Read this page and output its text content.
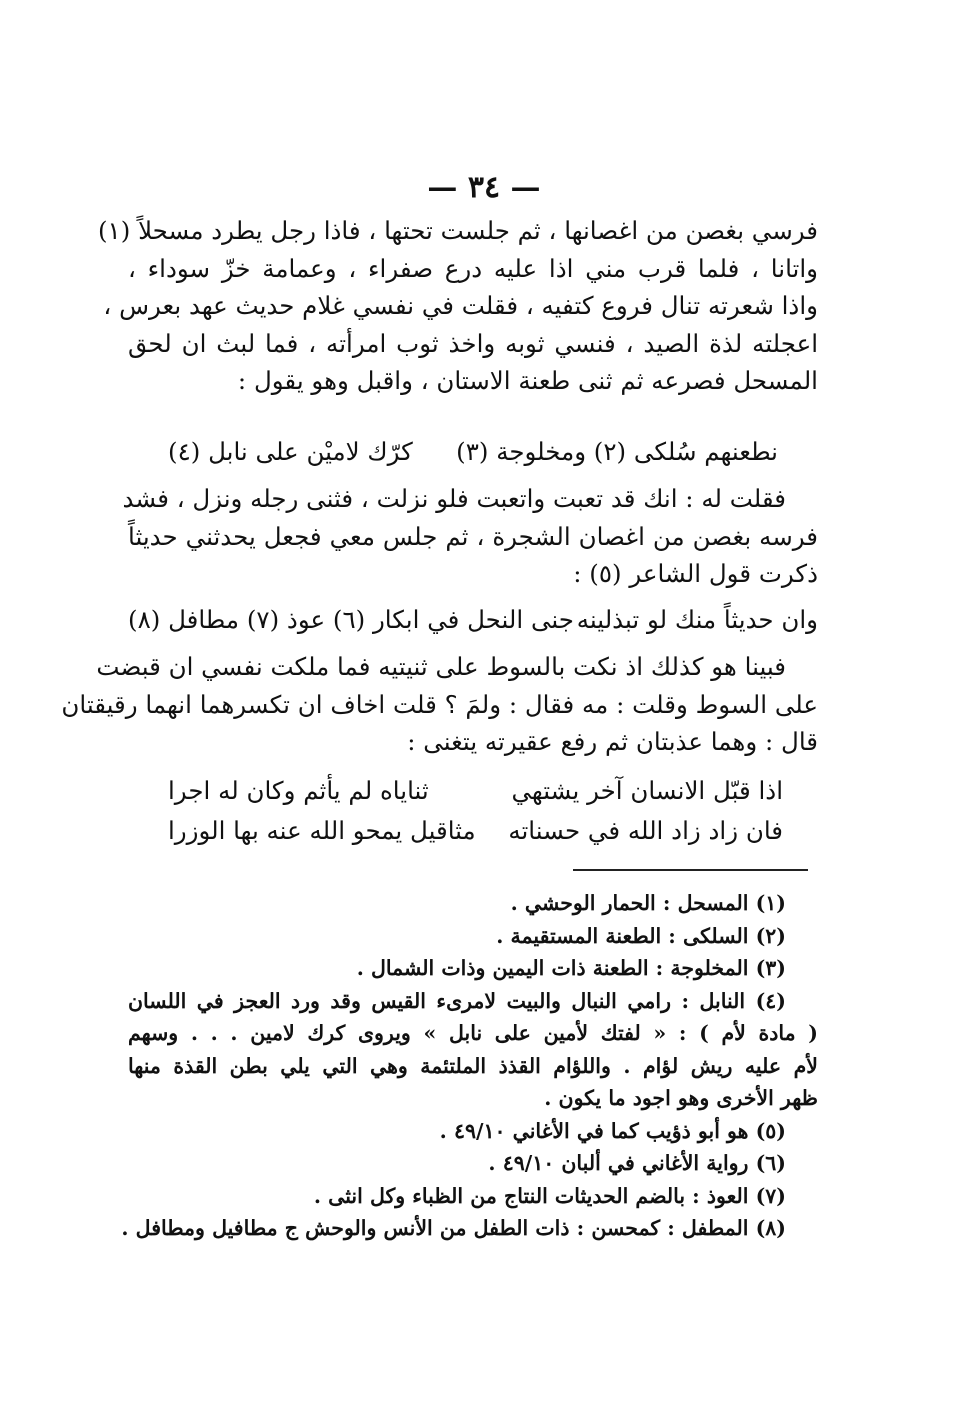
— ٣٤ —
فرسي بغصن من اغصانها ، ثم جلست تحتها ، فاذا رجل يطرد مسحلاً (١)
واتانا ، فلما قرب مني اذا عليه درع صفراء ، وعمامة خزّ سوداء ،
واذا شعرته تنال فروع كتفيه ، فقلت في نفسي غلام حديث عهد بعرس ،
اعجلته لذة الصيد ، فنسي ثوبه واخذ ثوب امرأته ، فما لبث ان لحق
المسحل فصرعه ثم ثنى طعنة الاستان ، واقبل وهو يقول :
نطعنهم سُلكى (٢) ومخلوجة (٣)
كرّك لاميْن على نابل (٤)
فقلت له : انك قد تعبت واتعبت فلو نزلت ، فثنى رجله ونزل ، فشد
فرسه بغصن من اغصان الشجرة ، ثم جلس معي فجعل يحدثني حديثاً
ذكرت قول الشاعر (٥) :
وان حديثاً منك لو تبذلينه
جنى النحل في ابكار (٦) عوذ (٧) مطافل (٨)
فبينا هو كذلك اذ نكت بالسوط على ثنيتيه فما ملكت نفسي ان قبضت
على السوط وقلت : مه فقال : ولمَ ؟ قلت اخاف ان تكسرهما انهما رقيقتان
قال : وهما عذبتان ثم رفع عقيرته يتغنى :
اذا قبّل الانسان آخر يشتهي
ثناياه لم يأثم وكان له اجرا
فان زاد زاد الله في حسناته
مثاقيل يمحو الله عنه بها الوزرا
(١) المسحل : الحمار الوحشي .
(٢) السلكى : الطعنة المستقيمة .
(٣) المخلوجة : الطعنة ذات اليمين وذات الشمال .
(٤) النابل : رامي النبال والبيت لامرىء القيس وقد ورد العجز في اللسان
( مادة لأم ) : « لفتك لأمين على نابل » ويروى كرك لامين . . . وسهم
لأم عليه ريش لؤام . واللؤام القذذ الملتئمة وهي التي يلي بطن القذة منها
ظهر الأخرى وهو اجود ما يكون .
(٥) هو أبو ذؤيب كما في الأغاني ٤٩/١٠ .
(٦) رواية الأغاني في ألبان ٤٩/١٠ .
(٧) العوذ : بالضم الحديثات النتاج من الظباء وكل انثى .
(٨) المطفل : كمحسن : ذات الطفل من الأنس والوحش ج مطافيل ومطافل .
